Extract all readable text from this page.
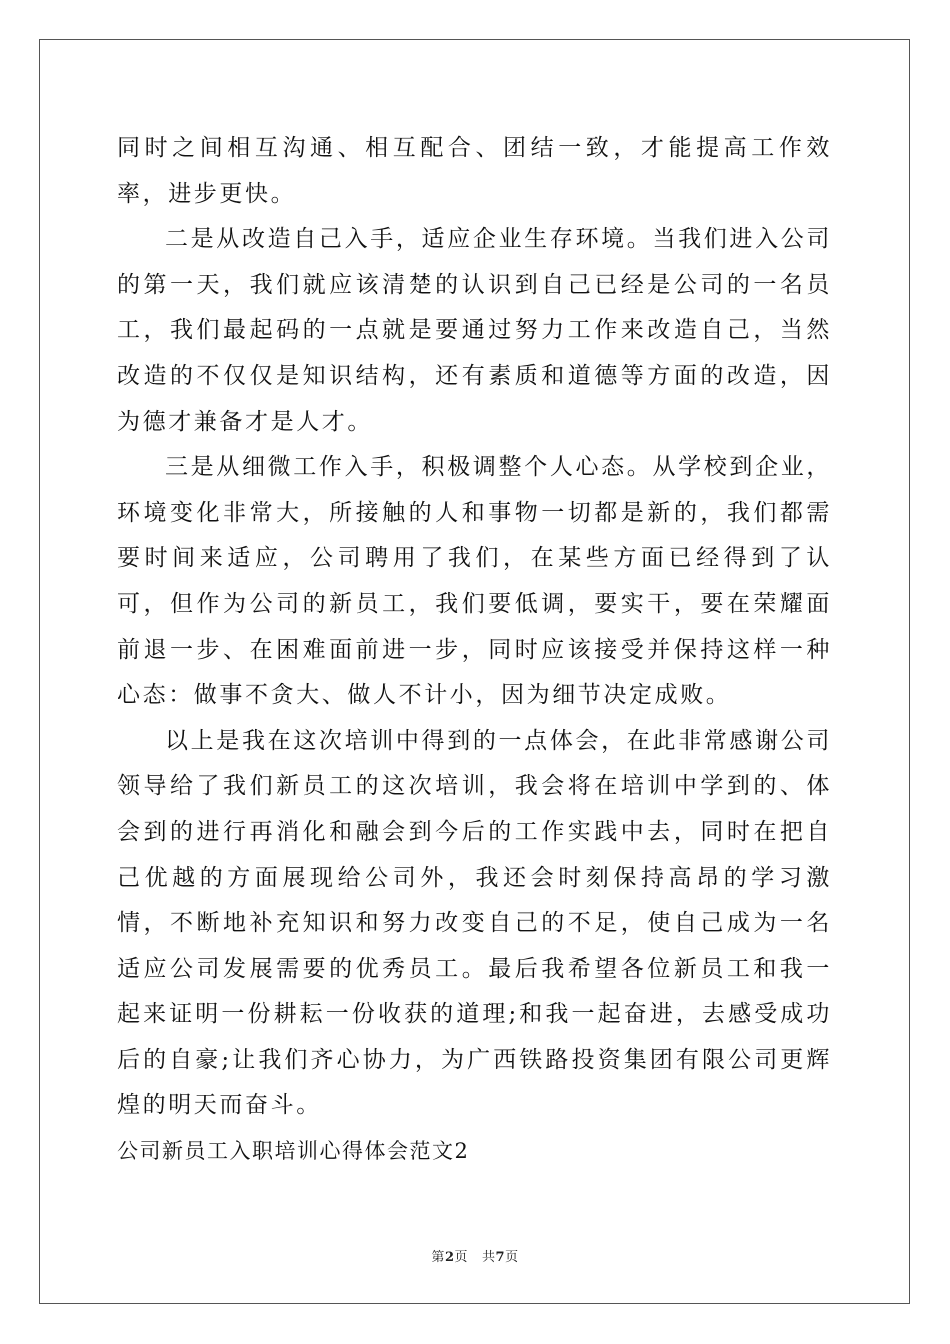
同时之间相互沟通、相互配合、团结一致，才能提高工作效率，进步更快。

二是从改造自己入手，适应企业生存环境。当我们进入公司的第一天，我们就应该清楚的认识到自己已经是公司的一名员工，我们最起码的一点就是要通过努力工作来改造自己，当然改造的不仅仅是知识结构，还有素质和道德等方面的改造，因为德才兼备才是人才。

三是从细微工作入手，积极调整个人心态。从学校到企业，环境变化非常大，所接触的人和事物一切都是新的，我们都需要时间来适应，公司聘用了我们，在某些方面已经得到了认可，但作为公司的新员工，我们要低调，要实干，要在荣耀面前退一步、在困难面前进一步，同时应该接受并保持这样一种心态：做事不贪大、做人不计小，因为细节决定成败。

以上是我在这次培训中得到的一点体会，在此非常感谢公司领导给了我们新员工的这次培训，我会将在培训中学到的、体会到的进行再消化和融会到今后的工作实践中去，同时在把自己优越的方面展现给公司外，我还会时刻保持高昂的学习激情，不断地补充知识和努力改变自己的不足，使自己成为一名适应公司发展需要的优秀员工。最后我希望各位新员工和我一起来证明一份耕耘一份收获的道理;和我一起奋进，去感受成功后的自豪;让我们齐心协力，为广西铁路投资集团有限公司更辉煌的明天而奋斗。

公司新员工入职培训心得体会范文2

第2页 共7页
